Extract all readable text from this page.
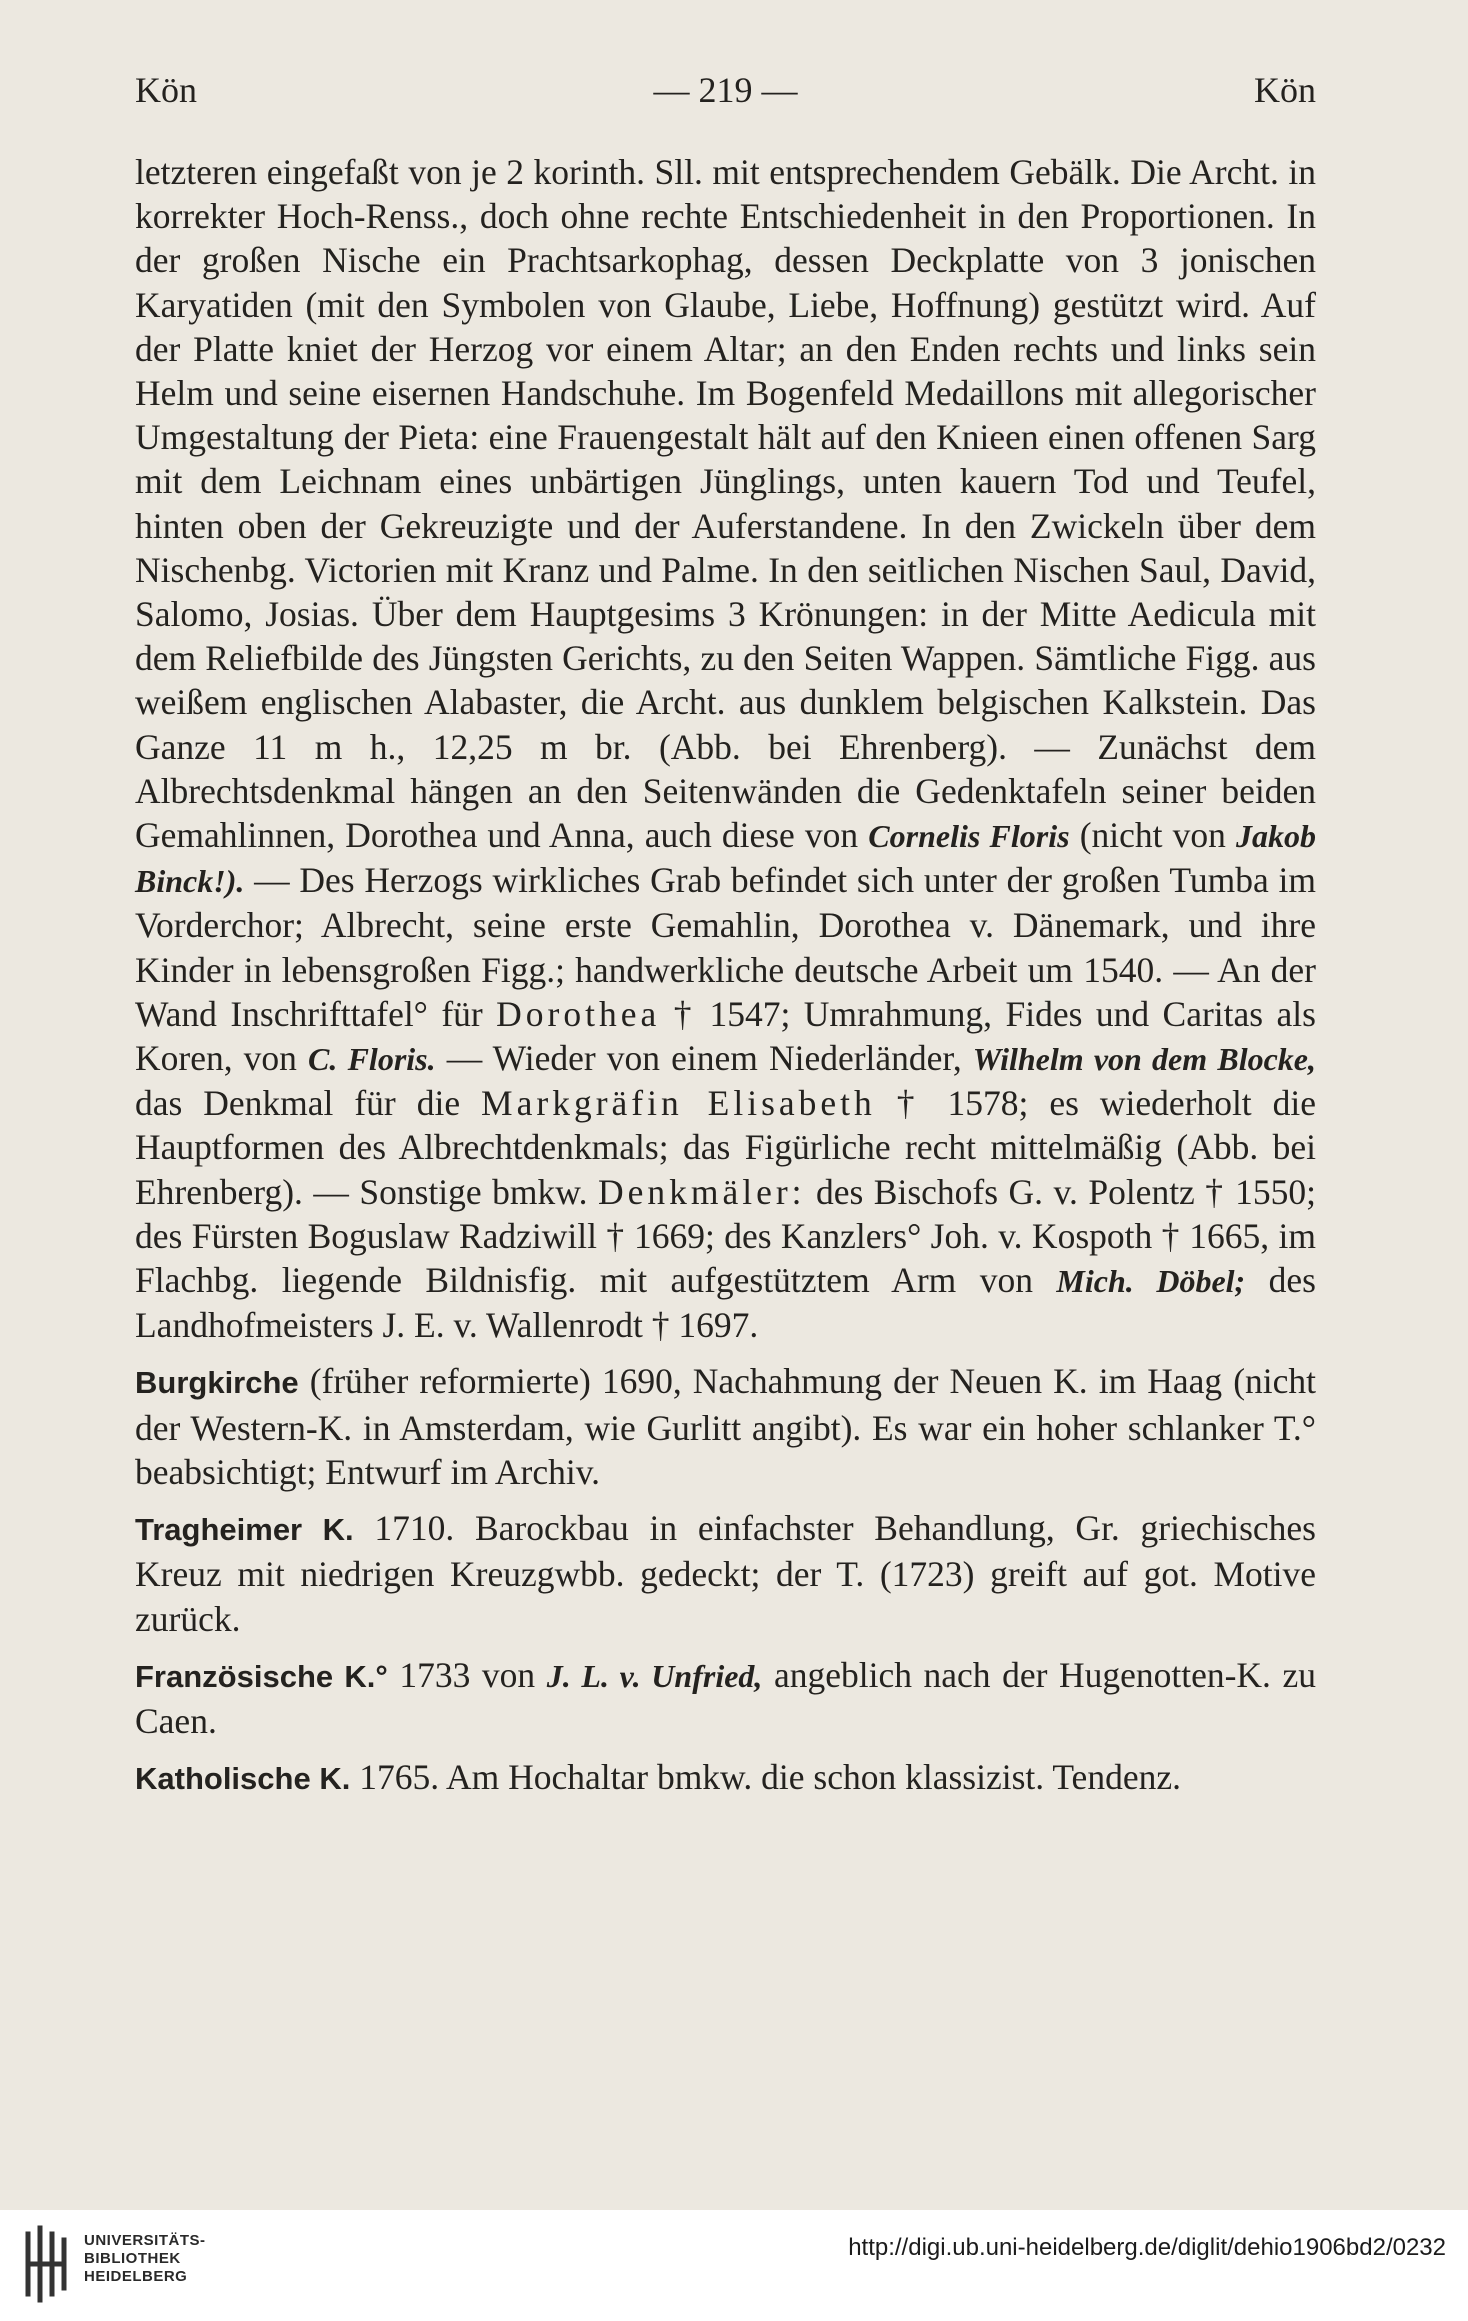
Kön	— 219 —	Kön

letzteren eingefaßt von je 2 korinth. Sll. mit entsprechendem Gebälk. Die Archt. in korrekter Hoch-Renss., doch ohne rechte Entschiedenheit in den Proportionen. In der großen Nische ein Prachtsarkophag, dessen Deckplatte von 3 jonischen Karyatiden (mit den Symbolen von Glaube, Liebe, Hoffnung) gestützt wird. Auf der Platte kniet der Herzog vor einem Altar; an den Enden rechts und links sein Helm und seine eisernen Handschuhe. Im Bogenfeld Medaillons mit allegorischer Umgestaltung der Pieta: eine Frauengestalt hält auf den Knieen einen offenen Sarg mit dem Leichnam eines unbärtigen Jünglings, unten kauern Tod und Teufel, hinten oben der Gekreuzigte und der Auferstandene. In den Zwickeln über dem Nischenbg. Victorien mit Kranz und Palme. In den seitlichen Nischen Saul, David, Salomo, Josias. Über dem Hauptgesims 3 Krönungen: in der Mitte Aedicula mit dem Reliefbilde des Jüngsten Gerichts, zu den Seiten Wappen. Sämtliche Figg. aus weißem englischen Alabaster, die Archt. aus dunklem belgischen Kalkstein. Das Ganze 11 m h., 12,25 m br. (Abb. bei Ehrenberg). — Zunächst dem Albrechtsdenkmal hängen an den Seitenwänden die Gedenktafeln seiner beiden Gemahlinnen, Dorothea und Anna, auch diese von Cornelis Floris (nicht von Jakob Binck!). — Des Herzogs wirkliches Grab befindet sich unter der großen Tumba im Vorderchor; Albrecht, seine erste Gemahlin, Dorothea v. Dänemark, und ihre Kinder in lebensgroßen Figg.; handwerkliche deutsche Arbeit um 1540. — An der Wand Inschrifttafel° für Dorothea † 1547; Umrahmung, Fides und Caritas als Koren, von C. Floris. — Wieder von einem Niederländer, Wilhelm von dem Blocke, das Denkmal für die Markgräfin Elisabeth † 1578; es wiederholt die Hauptformen des Albrechtdenkmals; das Figürliche recht mittelmäßig (Abb. bei Ehrenberg). — Sonstige bmkw. Denkmäler: des Bischofs G. v. Polentz † 1550; des Fürsten Boguslaw Radziwill † 1669; des Kanzlers° Joh. v. Kospoth † 1665, im Flachbg. liegende Bildnisfig. mit aufgestütztem Arm von Mich. Döbel; des Landhofmeisters J. E. v. Wallenrodt † 1697.

Burgkirche (früher reformierte) 1690, Nachahmung der Neuen K. im Haag (nicht der Western-K. in Amsterdam, wie Gurlitt angibt). Es war ein hoher schlanker T.° beabsichtigt; Entwurf im Archiv.

Tragheimer K. 1710. Barockbau in einfachster Behandlung, Gr. griechisches Kreuz mit niedrigen Kreuzgwbb. gedeckt; der T. (1723) greift auf got. Motive zurück.

Französische K.° 1733 von J. L. v. Unfried, angeblich nach der Hugenotten-K. zu Caen.

Katholische K. 1765. Am Hochaltar bmkw. die schon klassizist. Tendenz.

UNIVERSITÄTS-
BIBLIOTHEK
HEIDELBERG
http://digi.ub.uni-heidelberg.de/diglit/dehio1906bd2/0232
